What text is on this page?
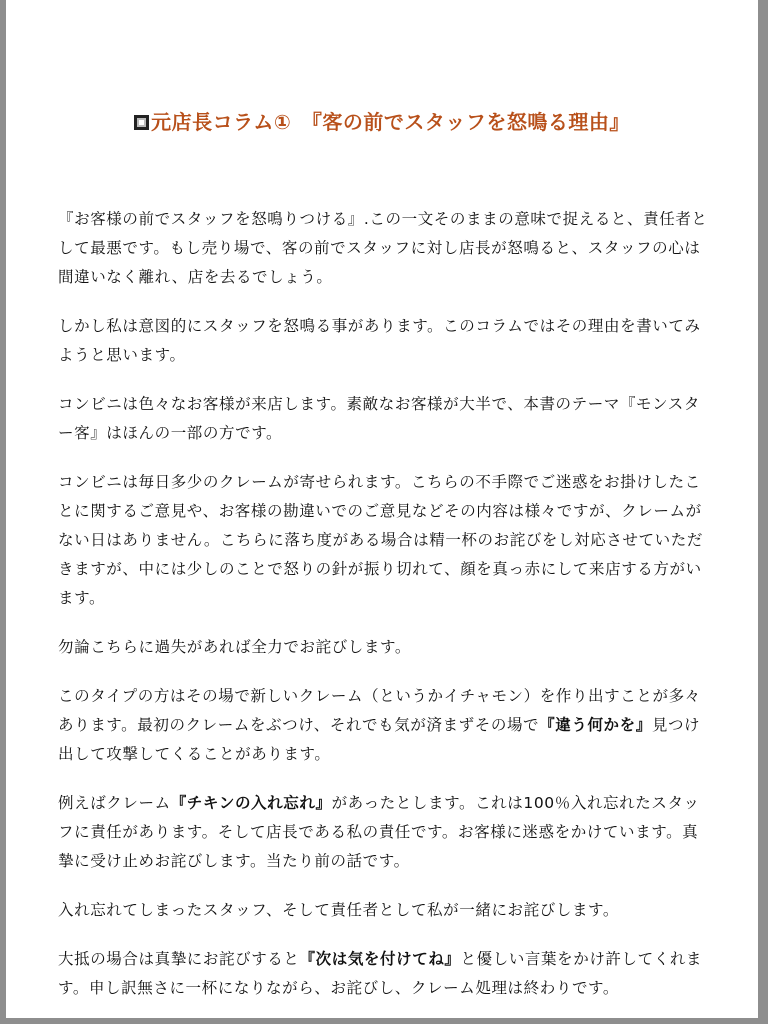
元店長コラム①　『客の前でスタッフを怒鳴る理由』

『お客様の前でスタッフを怒鳴りつける』.この一文そのままの意味で捉えると、責任者として最悪です。もし売り場で、客の前でスタッフに対し店長が怒鳴ると、スタッフの心は間違いなく離れ、店を去るでしょう。

しかし私は意図的にスタッフを怒鳴る事があります。このコラムではその理由を書いてみようと思います。

コンビニは色々なお客様が来店します。素敵なお客様が大半で、本書のテーマ『モンスター客』はほんの一部の方です。

コンビニは毎日多少のクレームが寄せられます。こちらの不手際でご迷惑をお掛けしたことに関するご意見や、お客様の勘違いでのご意見などその内容は様々ですが、クレームがない日はありません。こちらに落ち度がある場合は精一杯のお詫びをし対応させていただきますが、中には少しのことで怒りの針が振り切れて、顔を真っ赤にして来店する方がいます。

勿論こちらに過失があれば全力でお詫びします。

このタイプの方はその場で新しいクレーム（というかイチャモン）を作り出すことが多々あります。最初のクレームをぶつけ、それでも気が済まずその場で『違う何かを』見つけ出して攻撃してくることがあります。

例えばクレーム『チキンの入れ忘れ』があったとします。これは100％入れ忘れたスタッフに責任があります。そして店長である私の責任です。お客様に迷惑をかけています。真摯に受け止めお詫びします。当たり前の話です。

入れ忘れてしまったスタッフ、そして責任者として私が一緒にお詫びします。

大抵の場合は真摯にお詫びすると『次は気を付けてね』と優しい言葉をかけ許してくれます。申し訳無さに一杯になりながら、お詫びし、クレーム処理は終わりです。
